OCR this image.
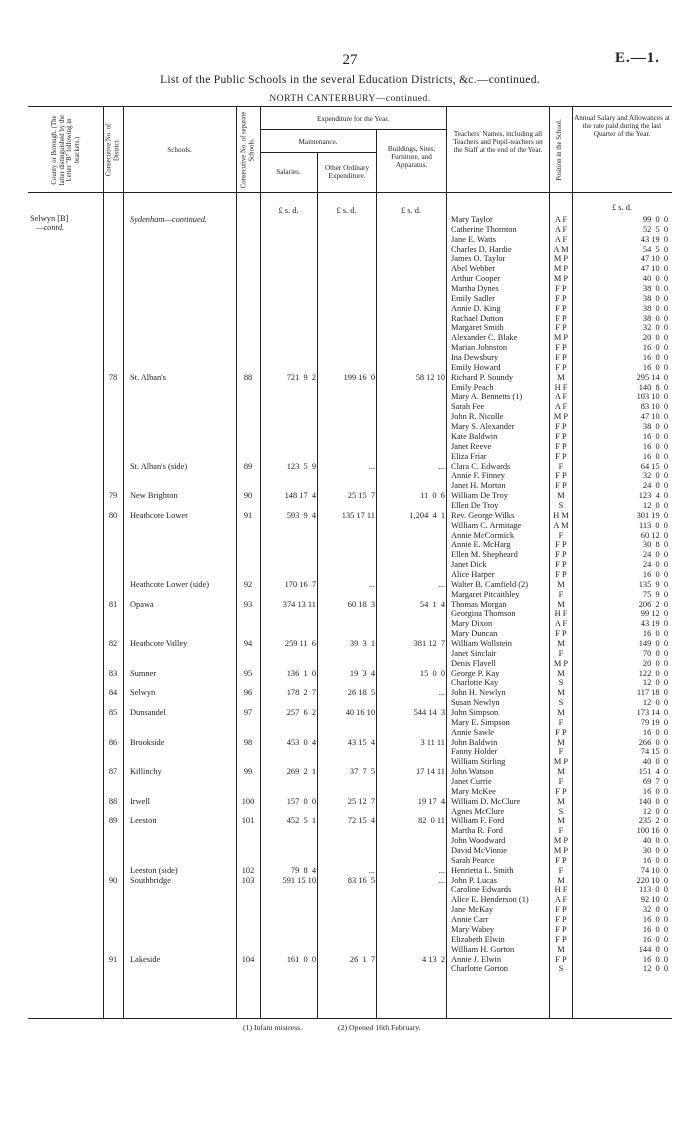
27	E.—1.
List of the Public Schools in the several Education Districts, &c.—continued.
NORTH CANTERBURY—continued.
County or Borough. (The latter distinguished by the Letter "B" following in brackets.)	Consecutive No. of District.	Consecutive No. of separate Schools.	Position in the School.
Schools.
Expenditure for the Year.
Maintenance.
Salaries.	Other Ordinary Expenditure.
Buildings, Sites, Furniture, and Apparatus.
Teachers' Names, including all Teachers and Pupil-teachers on the Staff at the end of the Year.
Annual Salary and Allowances at the rate paid during the last Quarter of the Year.
£ s. d.	£ s. d.	£ s. d.	£ s. d.
Selwyn [B]
—contd.
Sydenham—continued.
78	St. Alban's	88	721  9  2	199 16  0	58 12 10
St. Alban's (side)	89	123  5  9	...	...
79	New Brighton	90	148 17  4	25 15  7	11  0  6
80	Heathcote Lower	91	593  9  4	135 17 11	1,204  4  1
Heathcote Lower (side)	92	170 16  7	...	...
81	Opawa	93	374 13 11	60 18  3	54  1  4
82	Heathcote Valley	94	259 11  6	39  3  1	381 12  7
83	Sumner	95	136  1  0	19  3  4	15  0  0
84	Selwyn	96	178  2  7	26 18  5	...
85	Dunsandel	97	257  6  2	40 16 10	544 14  3
86	Brookside	98	453  0  4	43 15  4	3 11 11
87	Killinchy	99	269  2  1	37  7  5	17 14 11
88	Irwell	100	157  0  0	25 12  7	19 17  4
89	Leeston	101	452  5  1	72 15  4	82  0 11
Leeston (side)	102	79  8  4	...	...
90	Southbridge	103	591 15 10	83 16  5	...
91	Lakeside	104	161  0  0	26  1  7	4 13  2
Mary Taylor	A F	99  0  0
Catherine Thornton	A F	52  5  0
Jane E. Watts	A F	43 19  0
Charles D. Hardie	A M	54  5  0
James O. Taylor	M P	47 10  0
Abel Webber	M P	47 10  0
Arthur Cooper	M P	40  0  0
Martha Dynes	F P	38  0  0
Emily Sadler	F P	38  0  0
Annie D. King	F P	38  0  0
Rachael Dutton	F P	38  0  0
Margaret Smith	F P	32  0  0
Alexander C. Blake	M P	20  0  0
Marian Johnston	F P	16  0  0
Ina Dewsbury	F P	16  0  0
Emily Howard	F P	16  0  0
Richard P. Soundy	M	295 14  0
Emily Peach	H F	140  8  0
Mary A. Bennetts (1)	A F	103 10  0
Sarah Fee	A F	83 10  0
John R. Nicolle	M P	47 10  0
Mary S. Alexander	F P	38  0  0
Kate Baldwin	F P	16  0  0
Janet Reeve	F P	16  0  0
Eliza Friar	F P	16  0  0
Clara C. Edwards	F	64 15  0
Annie F. Finney	F P	32  0  0
Janet H. Morton	F P	24  0  0
William De Troy	M	123  4  0
Ellen De Troy	S	12  0  0
Rev. George Wilks	H M	301 19  0
William C. Armitage	A M	113  0  0
Annie McCormick	F	60 12  0
Annie E. McHarg	F P	30  8  0
Ellen M. Shepheard	F P	24  0  0
Janet Dick	F P	24  0  0
Alice Harper	F P	16  0  0
Walter B. Camfield (2)	M	135  9  0
Margaret Pitcaithley	F	75  9  0
Thomas Morgan	M	206  2  0
Georgina Thomson	H F	99 12  0
Mary Dixon	A F	43 19  0
Mary Duncan	F P	16  0  0
William Wollstein	M	149  0  0
Janet Sinclair	F	70  0  0
Denis Flavell	M P	20  0  0
George P. Kay	M	122  0  0
Charlotte Kay	S	12  0  0
John H. Newlyn	M	117 18  0
Susan Newlyn	S	12  0  0
John Simpson	M	173 14  0
Mary E. Simpson	F	79 19  0
Annie Sawle	F P	16  0  0
John Baldwin	M	266  0  0
Fanny Holder	F	74 15  0
William Stirling	M P	40  0  0
John Watson	M	151  4  0
Janet Currie	F	69  7  0
Mary McKee	F P	16  0  0
William D. McClure	M	140  0  0
Agnes McClure	S	12  0  0
William F. Ford	M	235  2  0
Martha R. Ford	F	100 16  0
John Woodward	M P	40  0  0
David McVinnie	M P	30  0  0
Sarah Pearce	F P	16  0  0
Henrietta L. Smith	F	74 10  0
John P. Lucas	M	220 10  0
Caroline Edwards	H F	113  0  0
Alice E. Henderson (1)	A F	92 10  0
Jane McKay	F P	32  0  0
Annie Carr	F P	16  0  0
Mary Wabey	F P	16  0  0
Elizabeth Elwin	F P	16  0  0
William H. Gorton	M	144  0  0
Annie J. Elwin	F P	16  0  0
Charlotte Gorton	S	12  0  0
(1) Infant mistress.	(2) Opened 16th February.
